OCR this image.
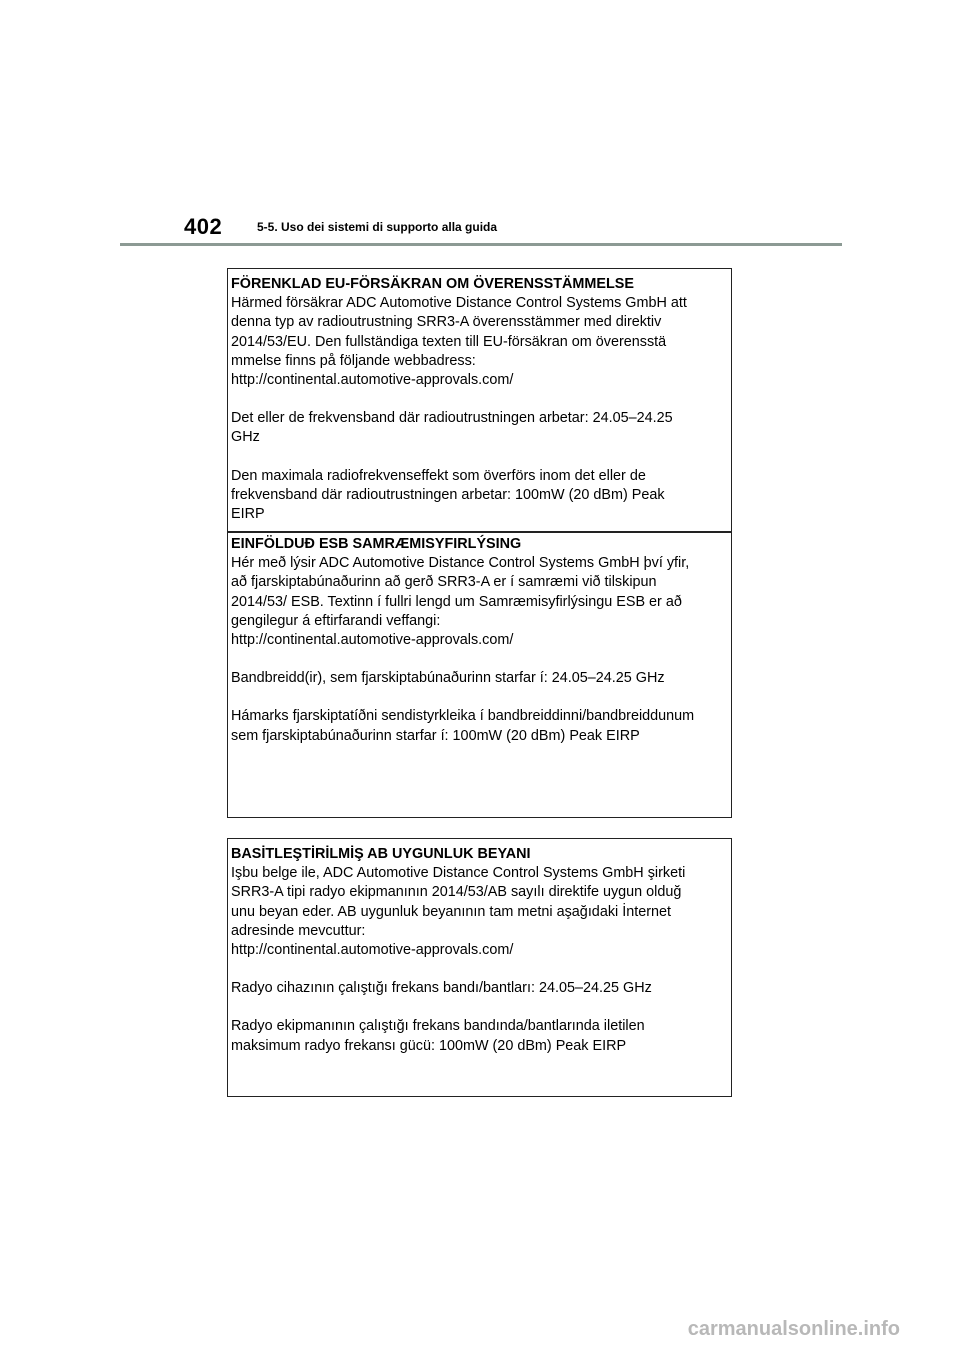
402	5-5. Uso dei sistemi di supporto alla guida
FÖRENKLAD EU-FÖRSÄKRAN OM ÖVERENSSTÄMMELSE
Härmed försäkrar ADC Automotive Distance Control Systems GmbH att
denna typ av radioutrustning SRR3-A överensstämmer med direktiv
2014/53/EU. Den fullständiga texten till EU-försäkran om överensstä
mmelse finns på följande webbadress:
http://continental.automotive-approvals.com/
Det eller de frekvensband där radioutrustningen arbetar: 24.05–24.25
GHz
Den maximala radiofrekvenseffekt som överförs inom det eller de
frekvensband där radioutrustningen arbetar: 100mW (20 dBm) Peak
EIRP
EINFÖLDUÐ ESB SAMRÆMISYFIRLÝSING
Hér með lýsir ADC Automotive Distance Control Systems GmbH því yfir,
að fjarskiptabúnaðurinn að gerð SRR3-A er í samræmi við tilskipun
2014/53/ ESB. Textinn í fullri lengd um Samræmisyfirlýsingu ESB er að
gengilegur á eftirfarandi veffangi:
http://continental.automotive-approvals.com/
Bandbreidd(ir), sem fjarskiptabúnaðurinn starfar í: 24.05–24.25 GHz
Hámarks fjarskiptatíðni sendistyrkleika í bandbreiddinni/bandbreiddunum
sem fjarskiptabúnaðurinn starfar í: 100mW (20 dBm) Peak EIRP
BASİTLEŞTİRİLMİŞ AB UYGUNLUK BEYANI
Işbu belge ile, ADC Automotive Distance Control Systems GmbH şirketi
SRR3-A tipi radyo ekipmanının 2014/53/AB sayılı direktife uygun olduğ
unu beyan eder. AB uygunluk beyanının tam metni aşağıdaki İnternet
adresinde mevcuttur:
http://continental.automotive-approvals.com/
Radyo cihazının çalıştığı frekans bandı/bantları: 24.05–24.25 GHz
Radyo ekipmanının çalıştığı frekans bandında/bantlarında iletilen
maksimum radyo frekansı gücü: 100mW (20 dBm) Peak EIRP
carmanualsonline.info
